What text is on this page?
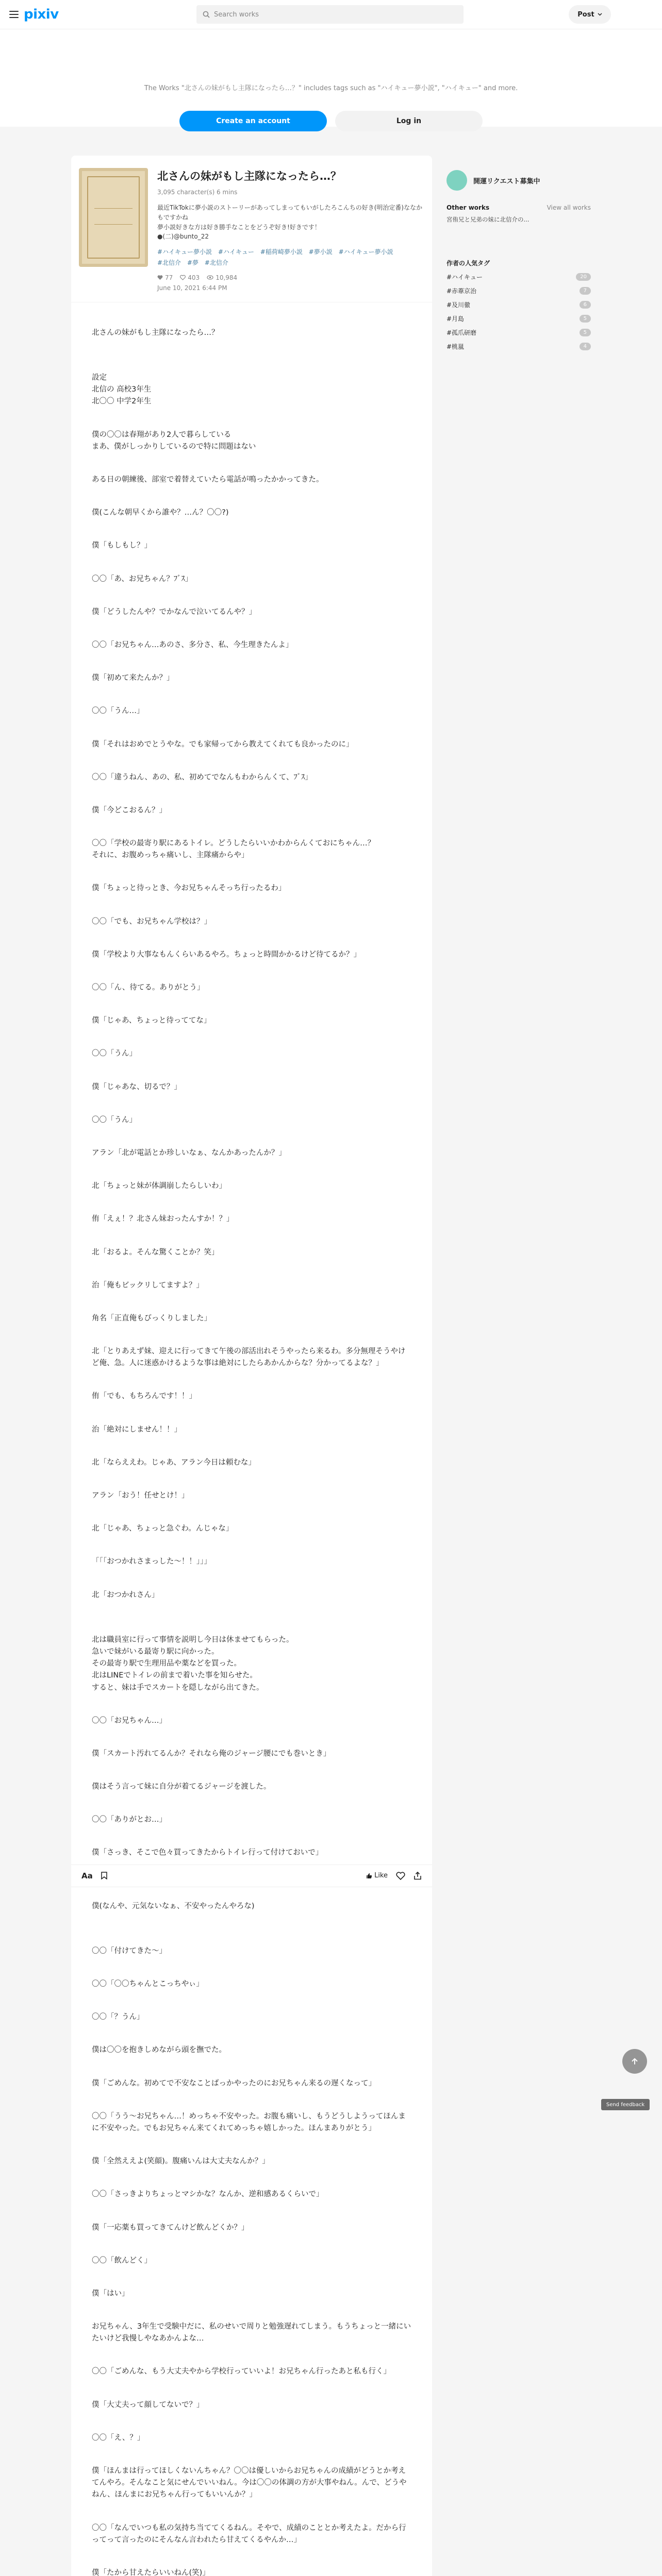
pixiv	Search works	Post
The Works "北さんの妹がもし主隊になったら…？" includes tags such as "ハイキュー夢小説", "ハイキュー" and more.
Create an account	Log in
北さんの妹がもし主隊になったら…？
3,095 character(s) 6 mins
最近TikTokに夢小説のストーリーがあってしまってもいがしたろこんちの好き(明治定番)ななかもですかね
夢小説好きな方は好き勝手なことをどうぞ好き!好きです！
●(二)@bunto_22
#ハイキュー夢小説 #ハイキュー #稲荷崎夢小説 #夢小説 #ハイキュー夢小説 #北信介 #夢 #北信介
77 403	10,984
June 10, 2021 6:44 PM

北さんの妹がもし主隊になったら…？

設定

北信の 高校3年生

北〇〇 中学2年生

僕の〇〇は春翔があり2人で暮らしている

まあ、僕がしっかりしているので特に問題はない

ある日の朝練後、部室で着替えていたら電話が鳴ったかかってきた。

僕(こんな朝早くから誰や？…ん？〇〇?)

僕「もしもし？」

〇〇「あ、お兄ちゃん？ﾌﾞｽ」

僕「どうしたんや？でかなんで泣いてるんや？」

〇〇「お兄ちゃん…あのさ、多分さ、私、今生理きたんよ」

僕「初めて来たんか？」

〇〇「うん…」

僕「それはおめでとうやな。でも家帰ってから教えてくれても良かったのに」

〇〇「違うねん、あの、私、初めてでなんもわからんくて、ﾌﾞｽ」

僕「今どこおるん？」

〇〇「学校の最寄り駅にあるトイレ。どうしたらいいかわからんくておにちゃん…？

それに、お腹めっちゃ痛いし、主隊痛からや」

僕「ちょっと待っとき、今お兄ちゃんそっち行ったるわ」

〇〇「でも、お兄ちゃん学校は？」

僕「学校より大事なもんくらいあるやろ。ちょっと時間かかるけど待てるか？」

〇〇「ん、待てる。ありがとう」

僕「じゃあ、ちょっと待っててな」

〇〇「うん」

僕「じゃあな、切るで？」

〇〇「うん」

アラン「北が電話とか珍しいなぁ、なんかあったんか？」

北「ちょっと妹が体調崩したらしいわ」

侑「えぇ！？北さん妹おったんすか！？」

北「おるよ。そんな驚くことか？笑」

治「俺もビックリしてますよ？」

角名「正直俺もびっくりしました」

北「とりあえず妹、迎えに行ってきて午後の部活出れそうやったら来るわ。多分無理そうやけど俺、急。人に迷惑かけるような事は絶対にしたらあかんからな？分かってるよな？」

侑「でも、もちろんです！！」

治「絶対にしません！！」

北「ならええわ。じゃあ、アラン今日は頼むな」

アラン「おう！任せとけ！」

北「じゃあ、ちょっと急ぐわ。んじゃな」

「「「おつかれさまっした〜！！」」」

北「おつかれさん」

北は職員室に行って事情を説明し今日は休ませてもらった。

急いで妹がいる最寄り駅に向かった。

その最寄り駅で生理用品や薬などを買った。

北はLINEでトイレの前まで着いた事を知らせた。

すると、妹は手でスカートを隠しながら出てきた。

〇〇「お兄ちゃん…」

僕「スカート汚れてるんか？それなら俺のジャージ腰にでも巻いとき」

僕はそう言って妹に自分が着てるジャージを渡した。

〇〇「ありがとお…」

僕「さっき、そこで色々買ってきたからトイレ行って付けておいで」

Aa	Like

僕(なんや、元気ないなぁ、不安やったんやろな)

〇〇「付けてきた〜」

〇〇「〇〇ちゃんとこっちやぃ」

〇〇「？うん」

僕は〇〇を抱きしめながら頭を撫でた。

僕「ごめんな。初めてで不安なことばっかやったのにお兄ちゃん来るの遅くなって」

〇〇「うう〜お兄ちゃん…！めっちゃ不安やった。お腹も痛いし、もうどうしようってほんまに不安やった。でもお兄ちゃん来てくれてめっちゃ嬉しかった。ほんまありがとう」

僕「全然ええよ(笑顔)。腹痛いんは大丈夫なんか？」

〇〇「さっきよりちょっとマシかな？なんか、逆和感あるくらいで」

僕「一応薬も買ってきてんけど飲んどくか？」

〇〇「飲んどく」

僕「はい」

お兄ちゃん、3年生で受験中だに、私のせいで周りと勉強遅れてしまう。もうちょっと一緒にいたいけど我慢しやなあかんよな…

〇〇「ごめんな、もう大丈夫やから学校行っていいよ！お兄ちゃん行ったあと私も行く」

僕「大丈夫って顔してないで？」

〇〇「え、？」

僕「ほんまは行ってほしくないんちゃん？〇〇は優しいからお兄ちゃんの成績がどうとか考えてんやろ。そんなこと気にせんでいいねん。今は〇〇の体調の方が大事やねん。んで、どうやねん、ほんまにお兄ちゃん行ってもいいんか？」

〇〇「なんでいつも私の気持ち当ててくるねん。そやで、成績のこととか考えたよ。だから行ってって言ったのにそんなん言われたら甘えてくるやんか…」

僕「たから甘えたらいいねん(笑)」

開運リクエスト募集中
Other works	View all works
宮侑兄と兄弟の妹に北信介の...
作者の人気タグ
#ハイキュー	20
#赤葦京治	7
#及川徹	6
#月島	5
#孤爪研磨	5
#桃嵐	4
Send feedback
